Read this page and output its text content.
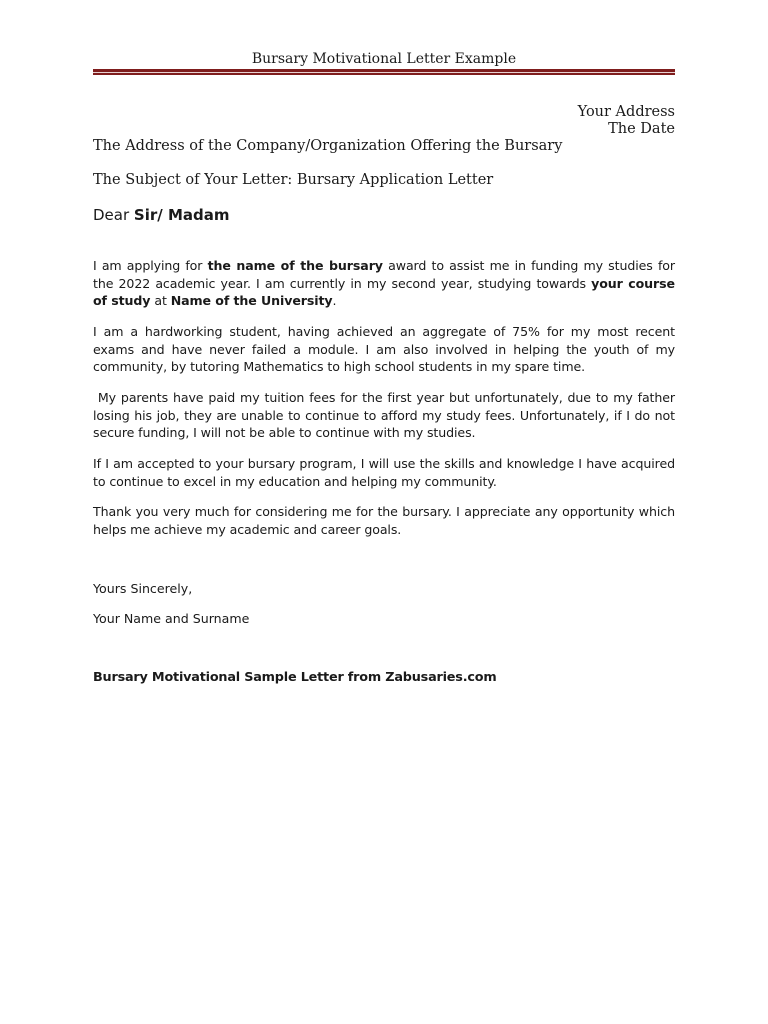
Bursary Motivational Letter Example
Your Address
The Date
The Address of the Company/Organization Offering the Bursary
The Subject of Your Letter: Bursary Application Letter
Dear Sir/ Madam
I am applying for the name of the bursary award to assist me in funding my studies for the 2022 academic year. I am currently in my second year, studying towards your course of study at Name of the University.
I am a hardworking student, having achieved an aggregate of 75% for my most recent exams and have never failed a module. I am also involved in helping the youth of my community, by tutoring Mathematics to high school students in my spare time.
My parents have paid my tuition fees for the first year but unfortunately, due to my father losing his job, they are unable to continue to afford my study fees. Unfortunately, if I do not secure funding, I will not be able to continue with my studies.
If I am accepted to your bursary program, I will use the skills and knowledge I have acquired to continue to excel in my education and helping my community.
Thank you very much for considering me for the bursary. I appreciate any opportunity which helps me achieve my academic and career goals.
Yours Sincerely,
Your Name and Surname
Bursary Motivational Sample Letter from Zabusaries.com
